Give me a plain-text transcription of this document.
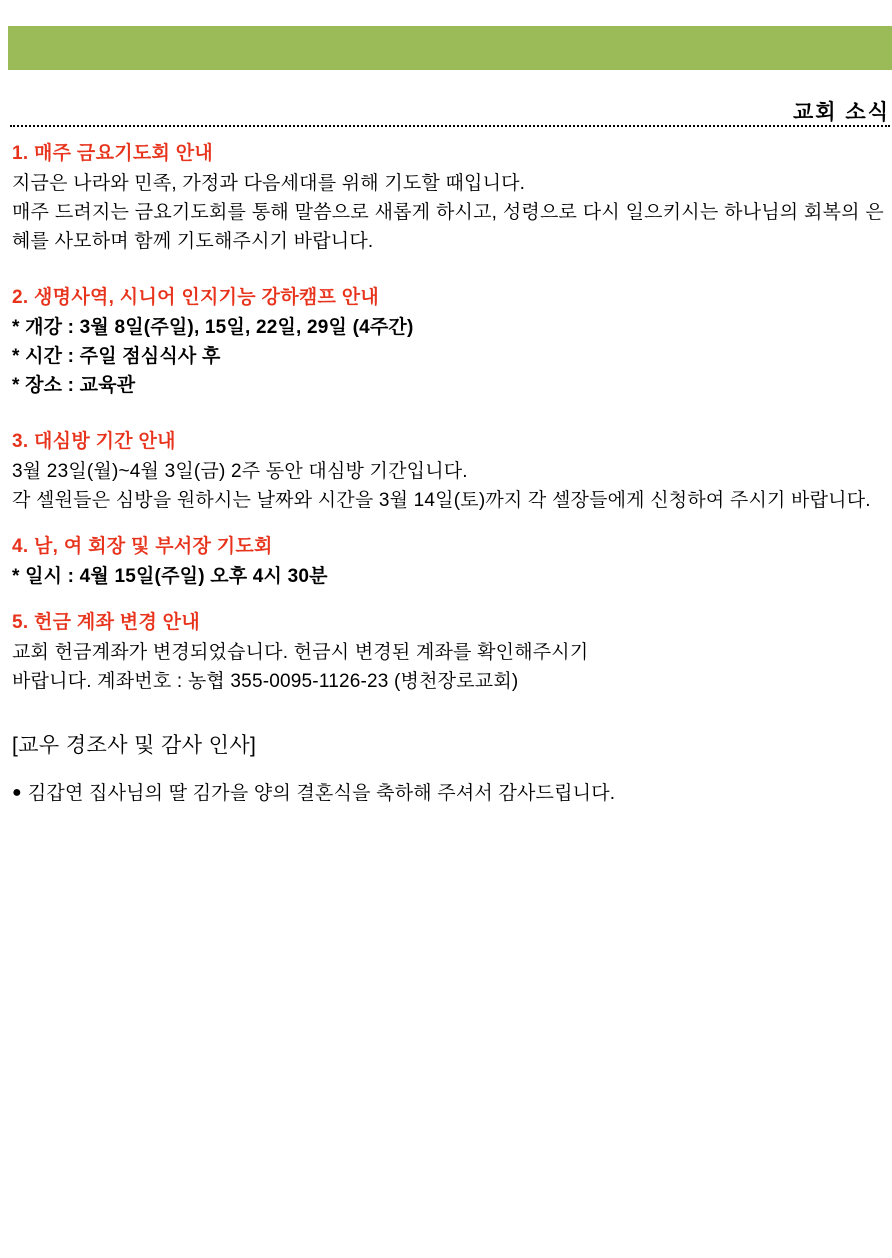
교회 소식
1. 매주 금요기도회 안내
지금은 나라와 민족, 가정과 다음세대를 위해 기도할 때입니다.
매주 드려지는 금요기도회를 통해 말씀으로 새롭게 하시고, 성령으로 다시 일으키시는 하나님의 회복의 은혜를 사모하며 함께 기도해주시기 바랍니다.
2. 생명사역, 시니어 인지기능 강하캠프 안내
* 개강 : 3월 8일(주일), 15일, 22일, 29일 (4주간)
* 시간 : 주일 점심식사 후
* 장소 : 교육관
3. 대심방 기간 안내
3월 23일(월)~4월 3일(금) 2주 동안 대심방 기간입니다.
각 셀원들은 심방을 원하시는 날짜와 시간을 3월 14일(토)까지 각 셀장들에게 신청하여 주시기 바랍니다.
4. 남, 여 회장 및 부서장 기도회
* 일시 : 4월 15일(주일) 오후 4시 30분
5. 헌금 계좌 변경 안내
교회 헌금계좌가 변경되었습니다. 헌금시 변경된 계좌를 확인해주시기
바랍니다. 계좌번호 : 농협 355-0095-1126-23 (병천장로교회)
[교우 경조사 및 감사 인사]
● 김갑연 집사님의 딸 김가을 양의 결혼식을 축하해 주셔서 감사드립니다.
